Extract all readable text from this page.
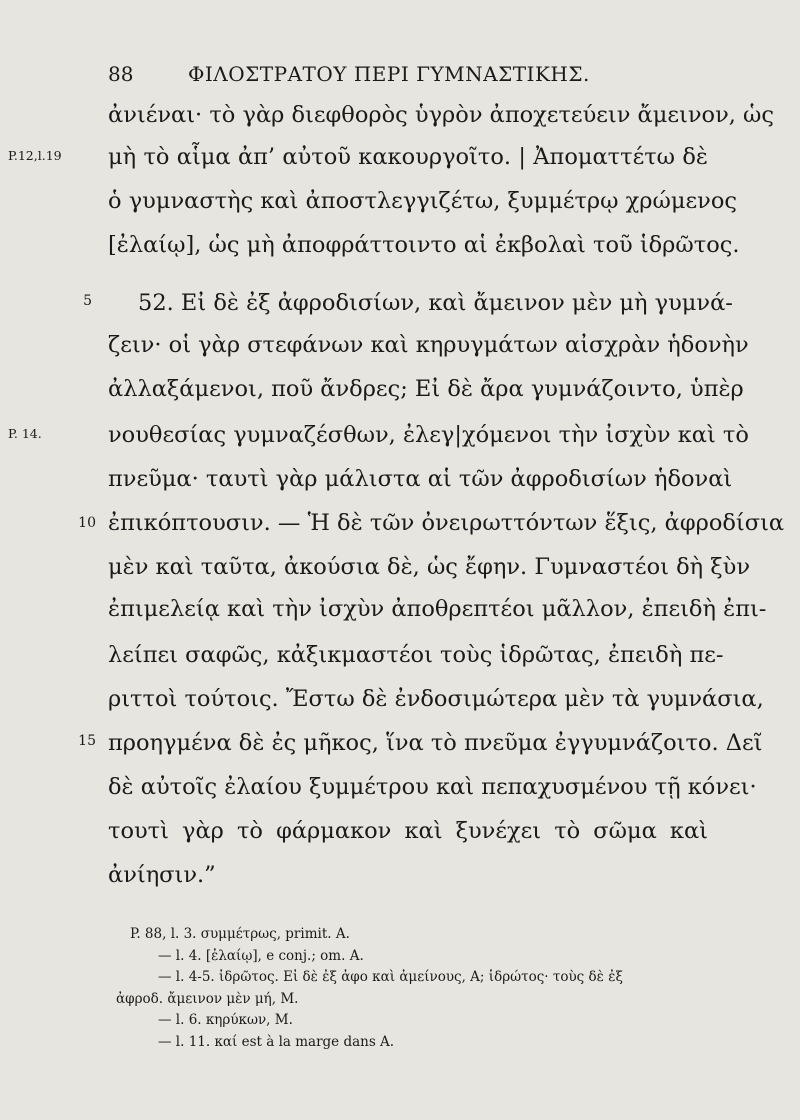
88	ΦΙΛΟΣΤΡΑΤΟΥ ΠΕΡΙ ΓΥΜΝΑΣΤΙΚΗΣ.
P.12,l.19
P. 14.
5
10
15
ἀνιέναι· τὸ γὰρ διεφθορὸς ὑγρὸν ἀποχετεύειν ἄμεινον, ὡς
μὴ τὸ αἷμα ἀπ’ αὐτοῦ κακουργοῖτο. | Ἀποματτέτω δὲ
ὁ γυμναστὴς καὶ ἀποστλεγγιζέτω, ξυμμέτρῳ χρώμενος
[ἐλαίῳ], ὡς μὴ ἀποφράττοιντο αἱ ἐκβολαὶ τοῦ ἱδρῶτος.
52. Εἰ δὲ ἐξ ἀφροδισίων, καὶ ἄμεινον μὲν μὴ γυμνά-
ζειν· οἱ γὰρ στεφάνων καὶ κηρυγμάτων αἰσχρὰν ἡδονὴν
ἀλλαξάμενοι, ποῦ ἄνδρες; Εἰ δὲ ἄρα γυμνάζοιντο, ὑπὲρ
νουθεσίας γυμναζέσθων, ἐλεγ|χόμενοι τὴν ἰσχὺν καὶ τὸ
πνεῦμα· ταυτὶ γὰρ μάλιστα αἱ τῶν ἀφροδισίων ἡδοναὶ
ἐπικόπτουσιν. — Ἡ δὲ τῶν ὀνειρωττόντων ἕξις, ἀφροδίσια
μὲν καὶ ταῦτα, ἀκούσια δὲ, ὡς ἔφην. Γυμναστέοι δὴ ξὺν
ἐπιμελείᾳ καὶ τὴν ἰσχὺν ἀποθρεπτέοι μᾶλλον, ἐπειδὴ ἐπι-
λείπει σαφῶς, κἀξικμαστέοι τοὺς ἱδρῶτας, ἐπειδὴ πε-
ριττοὶ τούτοις. Ἔστω δὲ ἐνδοσιμώτερα μὲν τὰ γυμνάσια,
προηγμένα δὲ ἐς μῆκος, ἵνα τὸ πνεῦμα ἐγγυμνάζοιτο. Δεῖ
δὲ αὐτοῖς ἐλαίου ξυμμέτρου καὶ πεπαχυσμένου τῇ κόνει·
τουτὶ γὰρ τὸ φάρμακον καὶ ξυνέχει τὸ σῶμα καὶ
ἀνίησιν.”
P. 88, l. 3. συμμέτρως, primit. A.
— l. 4. [ἐλαίῳ], e conj.; om. A.
— l. 4-5. ἱδρῶτος. Εἰ δὲ ἐξ ἀφο καὶ ἀμείνους, A; ἱδρώτος· τοὺς δὲ ἐξ
ἀφροδ. ἄμεινον μὲν μή, M.
— l. 6. κηρύκων, M.
— l. 11. καί est à la marge dans A.
